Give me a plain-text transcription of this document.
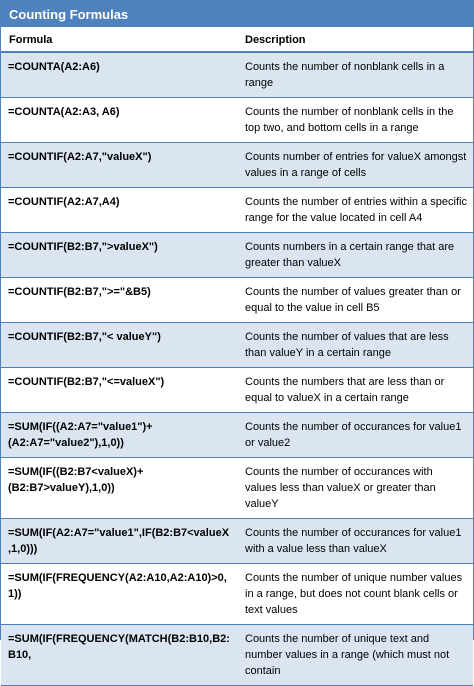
Counting Formulas	
Formula	Description
=COUNTA(A2:A6)	Counts the number of nonblank cells in a range
=COUNTA(A2:A3, A6)	Counts the number of nonblank cells in the top two, and bottom cells in a range
=COUNTIF(A2:A7,"valueX")	Counts number of entries for valueX amongst values in a range of cells
=COUNTIF(A2:A7,A4)	Counts the number of entries within a specific range for the value located in cell A4
=COUNTIF(B2:B7,">valueX")	Counts numbers in a certain range that are greater than valueX
=COUNTIF(B2:B7,">="&B5)	Counts the number of values greater than or equal to the value in cell B5
=COUNTIF(B2:B7,"< valueY")	Counts the number of values that are less than valueY in a certain range
=COUNTIF(B2:B7,"<=valueX")	Counts the numbers that are less than or equal to valueX in a certain range
=SUM(IF((A2:A7="value1")+(A2:A7="value2"),1,0))	Counts the number of occurances for value1 or value2
=SUM(IF((B2:B7<valueX)+(B2:B7>valueY),1,0))	Counts the number of occurances with values less than valueX or greater than valueY
=SUM(IF(A2:A7="value1",IF(B2:B7<valueX,1,0)))	Counts the number of occurances for value1 with a value less than valueX
=SUM(IF(FREQUENCY(A2:A10,A2:A10)>0,1))	Counts the number of unique number values in a range, but does not count blank cells or text values
=SUM(IF(FREQUENCY(MATCH(B2:B10,B2:B10,	Counts the number of unique text and number values in a range (which must not contain
